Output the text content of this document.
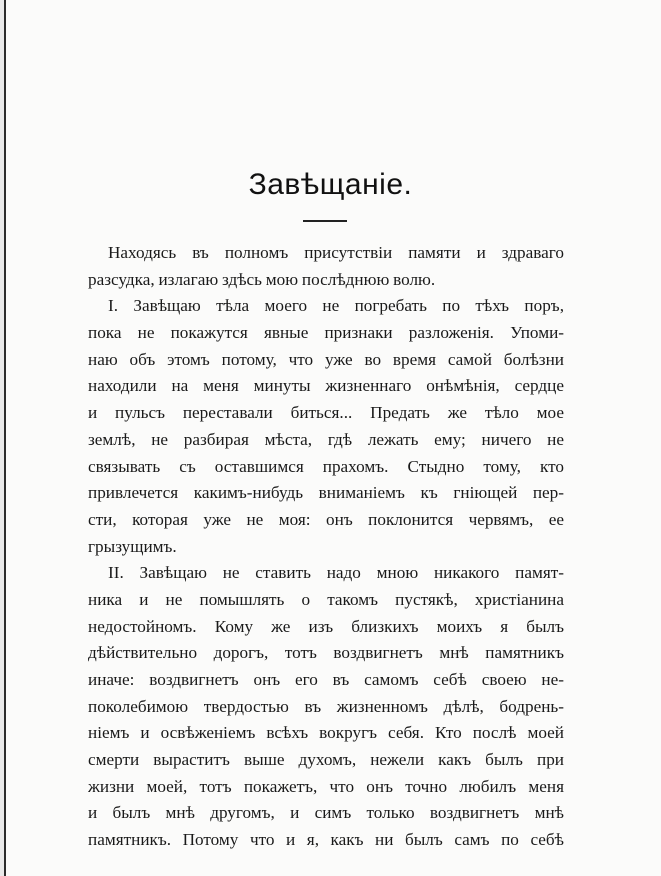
Завѣщаніе.
Находясь въ полномъ присутствіи памяти и здраваго
разсудка, излагаю здѣсь мою послѣднюю волю.
I. Завѣщаю тѣла моего не погребать по тѣхъ поръ,
пока не покажутся явные признаки разложенія. Упоми-
наю объ этомъ потому, что уже во время самой болѣзни
находили на меня минуты жизненнаго онѣмѣнія, сердце
и пульсъ переставали биться... Предать же тѣло мое
землѣ, не разбирая мѣста, гдѣ лежать ему; ничего не
связывать съ оставшимся прахомъ. Стыдно тому, кто
привлечется какимъ-нибудь вниманіемъ къ гніющей пер-
сти, которая уже не моя: онъ поклонится червямъ, ее
грызущимъ.
II. Завѣщаю не ставить надо мною никакого памят-
ника и не помышлять о такомъ пустякѣ, христіанина
недостойномъ. Кому же изъ близкихъ моихъ я былъ
дѣйствительно дорогъ, тотъ воздвигнетъ мнѣ памятникъ
иначе: воздвигнетъ онъ его въ самомъ себѣ своею не-
поколебимою твердостью въ жизненномъ дѣлѣ, бодрень-
ніемъ и освѣженіемъ всѣхъ вокругъ себя. Кто послѣ моей
смерти выраститъ выше духомъ, нежели какъ былъ при
жизни моей, тотъ покажетъ, что онъ точно любилъ меня
и былъ мнѣ другомъ, и симъ только воздвигнетъ мнѣ
памятникъ. Потому что и я, какъ ни былъ самъ по себѣ
